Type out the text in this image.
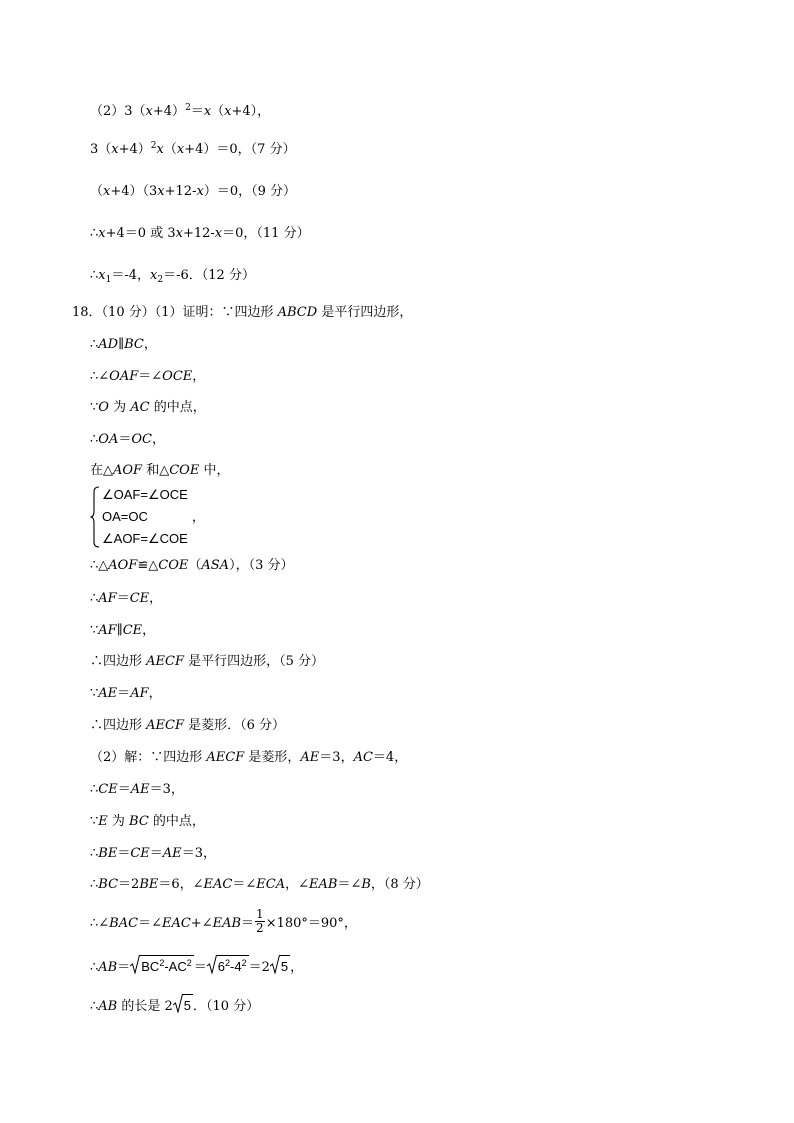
$(2)3(x+4)^2=x(x+4)$，
$3(x+4)^2x(x+4)=0$，（7 分）
（x+4）（3x+12-x）＝0，（9 分）
∴x+4＝0 或 3x+12-x＝0，（11 分）
$\therefore x_1=-4$，$x_2=-6$．（12 分）
18．（10 分）（1）证明：∵四边形 ABCD 是平行四边形，
∴AD∥BC，
∴∠OAF＝∠OCE，
∵O 为 AC 的中点，
∴OA＝OC，
在△AOF 和△COE 中，
∠OAF=∠OCE
OA=OC	，
∠AOF=∠COE
∴△AOF≌△COE（ASA），（3 分）
∴AF＝CE，
∵AF∥CE，
∴四边形 AECF 是平行四边形，（5 分）
∵AE＝AF，
∴四边形 AECF 是菱形．（6 分）
（2）解：∵四边形 AECF 是菱形，AE＝3，AC＝4，
∴CE＝AE＝3，
∵E 为 BC 的中点，
∴BE＝CE＝AE＝3，
∴BC＝2BE＝6，∠EAC＝∠ECA，∠EAB＝∠B，（8 分）
∴∠BAC＝∠EAC+∠EAB＝ $\frac{1}{2} \times 180^\circ=90^\circ$，
∴AB＝ $BC^2-AC^2 = 6^2-4^2 =2$ 5 ，
∴AB 的长是 2 5 ．（10 分）
